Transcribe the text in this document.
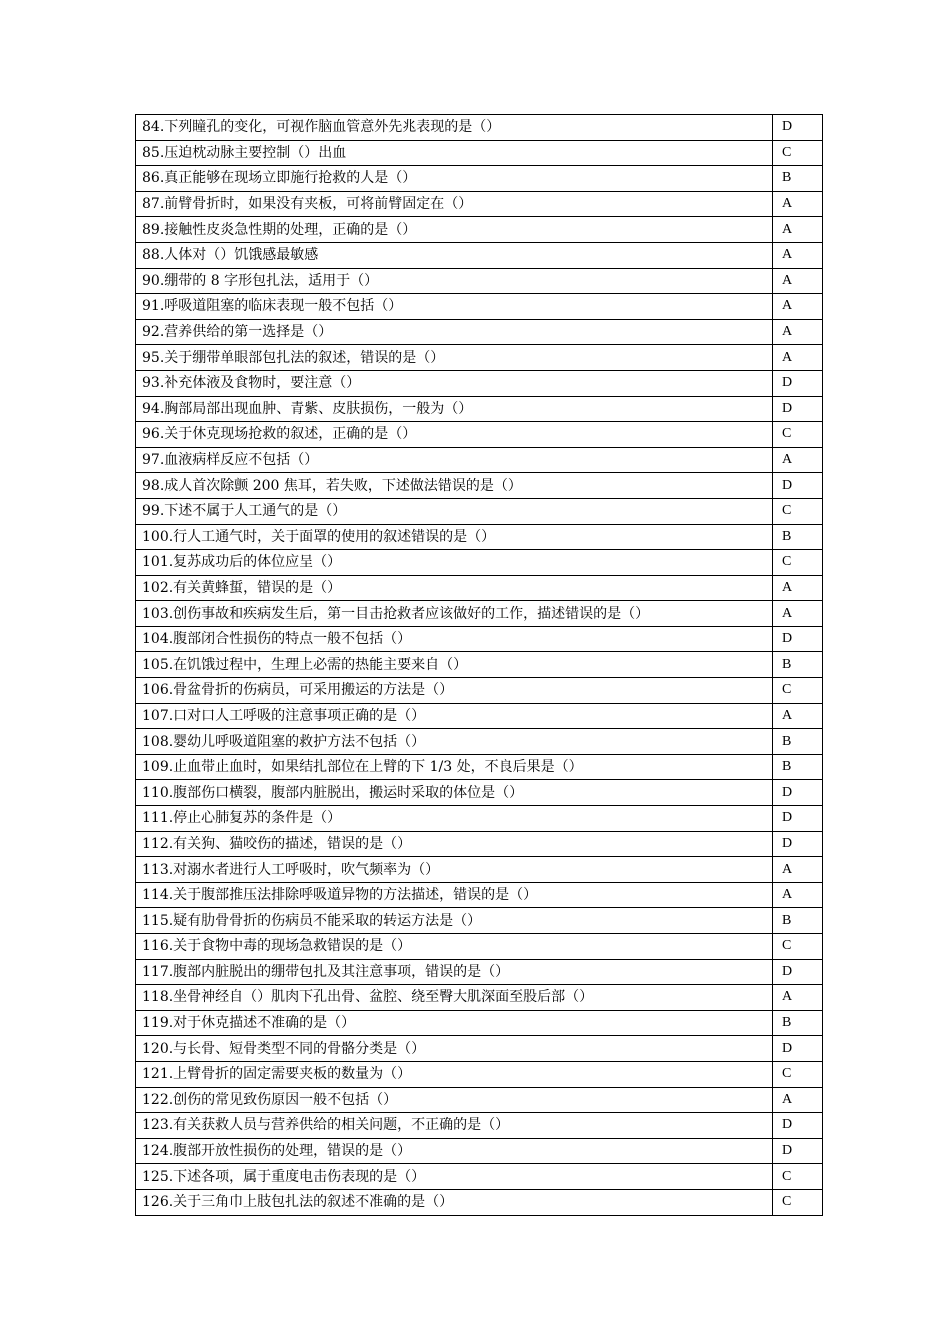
84.下列瞳孔的变化，可视作脑血管意外先兆表现的是（）	D
85.压迫枕动脉主要控制（）出血	C
86.真正能够在现场立即施行抢救的人是（）	B
87.前臂骨折时，如果没有夹板，可将前臂固定在（）	A
89.接触性皮炎急性期的处理，正确的是（）	A
88.人体对（）饥饿感最敏感	A
90.绷带的 8 字形包扎法，适用于（）	A
91.呼吸道阻塞的临床表现一般不包括（）	A
92.营养供给的第一选择是（）	A
95.关于绷带单眼部包扎法的叙述，错误的是（）	A
93.补充体液及食物时，要注意（）	D
94.胸部局部出现血肿、青紫、皮肤损伤，一般为（）	D
96.关于休克现场抢救的叙述，正确的是（）	C
97.血液病样反应不包括（）	A
98.成人首次除颤 200 焦耳，若失败，下述做法错误的是（）	D
99.下述不属于人工通气的是（）	C
100.行人工通气时，关于面罩的使用的叙述错误的是（）	B
101.复苏成功后的体位应呈（）	C
102.有关黄蜂蜇，错误的是（）	A
103.创伤事故和疾病发生后，第一目击抢救者应该做好的工作，描述错误的是（）	A
104.腹部闭合性损伤的特点一般不包括（）	D
105.在饥饿过程中，生理上必需的热能主要来自（）	B
106.骨盆骨折的伤病员，可采用搬运的方法是（）	C
107.口对口人工呼吸的注意事项正确的是（）	A
108.婴幼儿呼吸道阻塞的救护方法不包括（）	B
109.止血带止血时，如果结扎部位在上臂的下 1/3 处，不良后果是（）	B
110.腹部伤口横裂，腹部内脏脱出，搬运时采取的体位是（）	D
111.停止心肺复苏的条件是（）	D
112.有关狗、猫咬伤的描述，错误的是（）	D
113.对溺水者进行人工呼吸时，吹气频率为（）	A
114.关于腹部推压法排除呼吸道异物的方法描述，错误的是（）	A
115.疑有肋骨骨折的伤病员不能采取的转运方法是（）	B
116.关于食物中毒的现场急救错误的是（）	C
117.腹部内脏脱出的绷带包扎及其注意事项，错误的是（）	D
118.坐骨神经自（）肌肉下孔出骨、盆腔、绕至臀大肌深面至股后部（）	A
119.对于休克描述不准确的是（）	B
120.与长骨、短骨类型不同的骨骼分类是（）	D
121.上臂骨折的固定需要夹板的数量为（）	C
122.创伤的常见致伤原因一般不包括（）	A
123.有关获救人员与营养供给的相关问题，不正确的是（）	D
124.腹部开放性损伤的处理，错误的是（）	D
125.下述各项，属于重度电击伤表现的是（）	C
126.关于三角巾上肢包扎法的叙述不准确的是（）	C
